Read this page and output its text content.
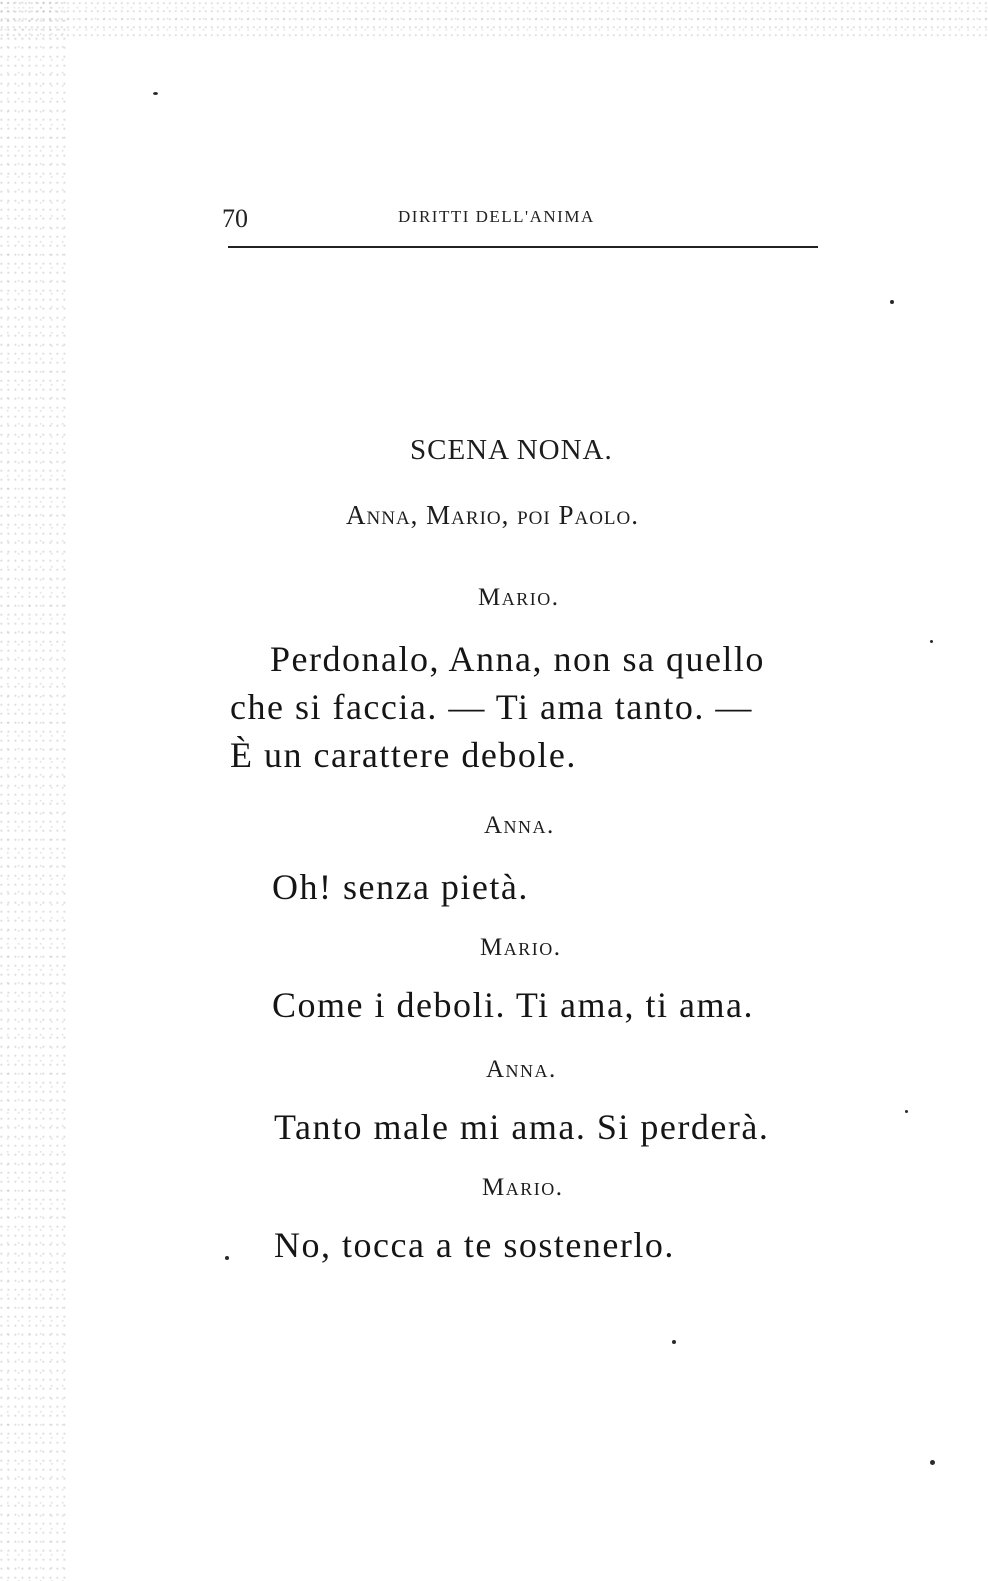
70	DIRITTI DELL'ANIMA
SCENA NONA.
Anna, Mario, poi Paolo.
Mario.
Perdonalo, Anna, non sa quello
che si faccia. — Ti ama tanto. —
È un carattere debole.
Anna.
Oh! senza pietà.
Mario.
Come i deboli. Ti ama, ti ama.
Anna.
Tanto male mi ama. Si perderà.
Mario.
No, tocca a te sostenerlo.
